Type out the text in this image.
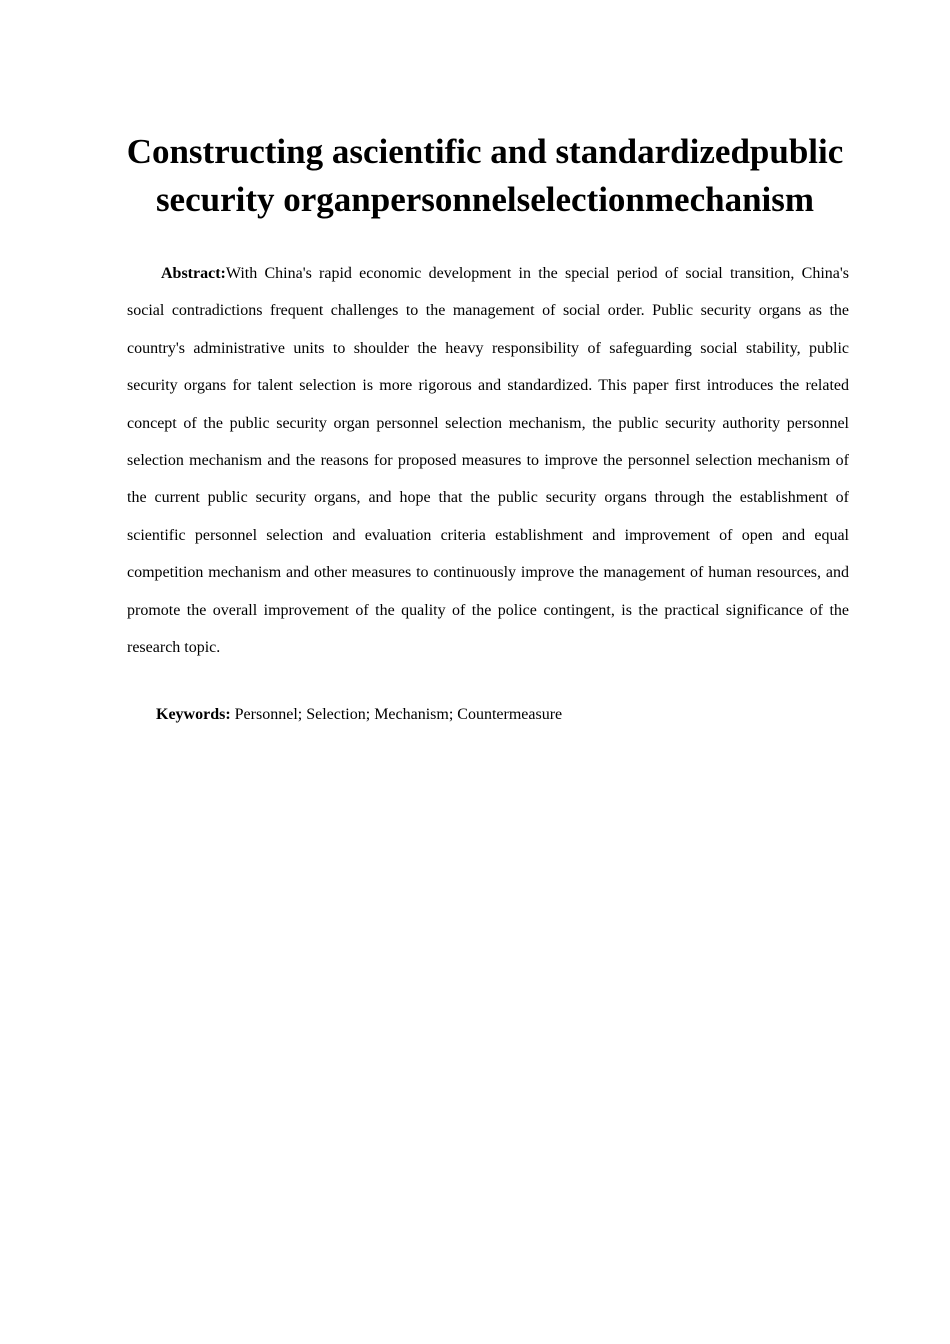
Constructing ascientific and standardizedpublic
security organpersonnelselectionmechanism

Abstract:With China's rapid economic development in the special period of social transition, China's social contradictions frequent challenges to the management of social order. Public security organs as the country's administrative units to shoulder the heavy responsibility of safeguarding social stability, public security organs for talent selection is more rigorous and standardized. This paper first introduces the related concept of the public security organ personnel selection mechanism, the public security authority personnel selection mechanism and the reasons for proposed measures to improve the personnel selection mechanism of the current public security organs, and hope that the public security organs through the establishment of scientific personnel selection and evaluation criteria establishment and improvement of open and equal competition mechanism and other measures to continuously improve the management of human resources, and promote the overall improvement of the quality of the police contingent, is the practical significance of the research topic.

Keywords: Personnel; Selection; Mechanism; Countermeasure
